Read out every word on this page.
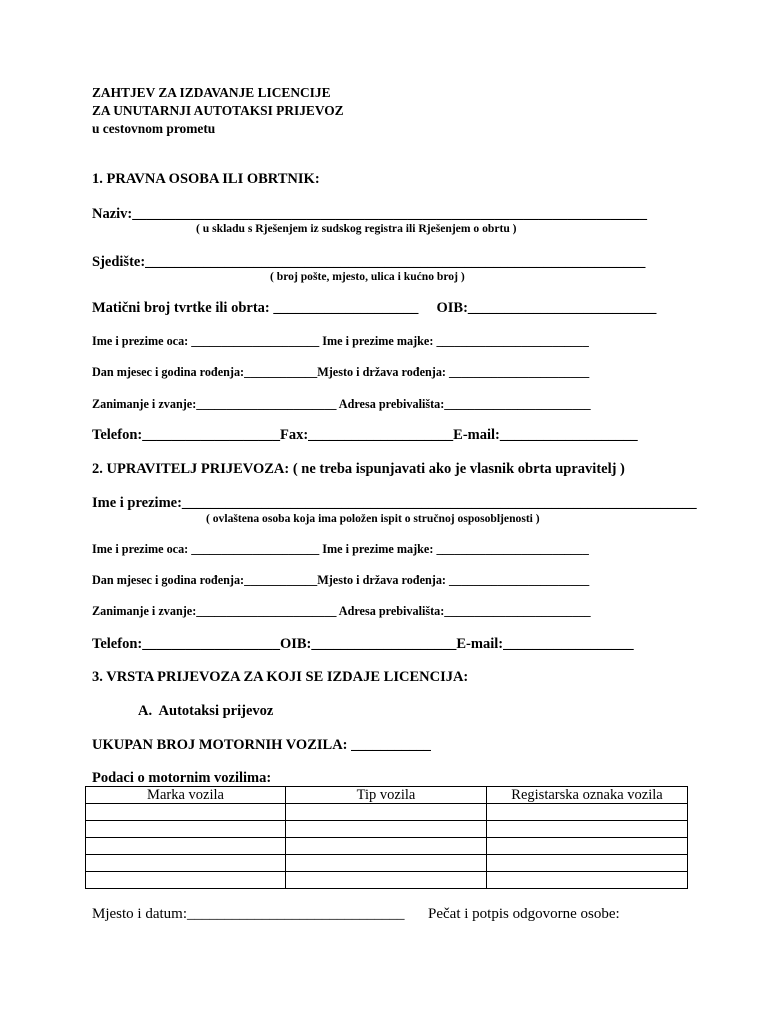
ZAHTJEV ZA IZDAVANJE LICENCIJE
ZA UNUTARNJI AUTOTAKSI PRIJEVOZ
u cestovnom prometu
1. PRAVNA OSOBA ILI OBRTNIK:
Naziv:_______________________________________________________________________
( u skladu s Rješenjem iz sudskog registra ili Rješenjem o obrtu )
Sjedište:_____________________________________________________________________
( broj pošte, mjesto, ulica i kućno broj )
Matični broj tvrtke ili obrta: ____________________     OIB:__________________________
Ime i prezime oca: _____________________ Ime i prezime majke: _________________________
Dan mjesec i godina rođenja:____________Mjesto i država rođenja: _______________________
Zanimanje i zvanje:_______________________ Adresa prebivališta:________________________
Telefon:___________________Fax:____________________E-mail:___________________
2. UPRAVITELJ PRIJEVOZA: ( ne treba ispunjavati ako je vlasnik obrta upravitelj )
Ime i prezime:_______________________________________________________________________
( ovlaštena osoba koja ima položen ispit o stručnoj osposobljenosti )
Ime i prezime oca: _____________________ Ime i prezime majke: _________________________
Dan mjesec i godina rođenja:____________Mjesto i država rođenja: _______________________
Zanimanje i zvanje:_______________________ Adresa prebivališta:________________________
Telefon:___________________OIB:____________________E-mail:__________________
3. VRSTA PRIJEVOZA ZA KOJI SE IZDAJE LICENCIJA:
A.  Autotaksi prijevoz
UKUPAN BROJ MOTORNIH VOZILA: ___________
Podaci o motornim vozilima:
Marka vozila	Tip vozila	Registarska oznaka vozila

Mjesto i datum:_____________________________ Pečat i potpis odgovorne osobe:
